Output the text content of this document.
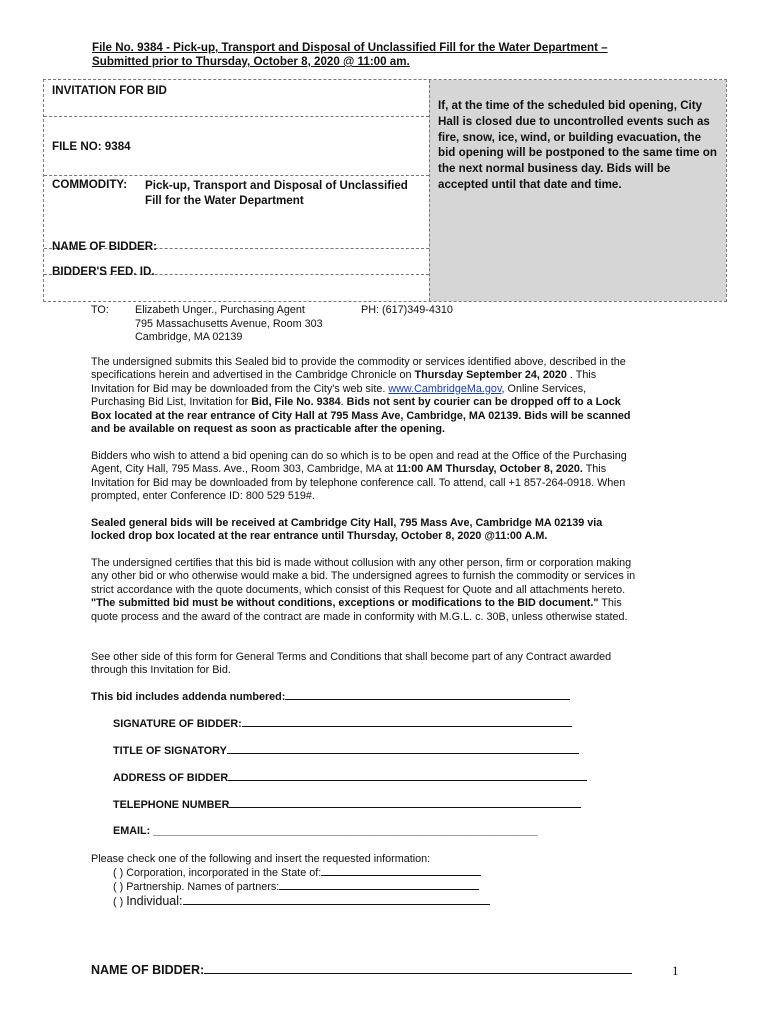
File No. 9384 - Pick-up, Transport and Disposal of Unclassified Fill for the Water Department –
Submitted prior to Thursday, October 8, 2020 @ 11:00 am.
INVITATION FOR BID
FILE NO: 9384
COMMODITY: Pick-up, Transport and Disposal of Unclassified Fill for the Water Department
NAME OF BIDDER:
BIDDER'S FED. ID.
If, at the time of the scheduled bid opening, City Hall is closed due to uncontrolled events such as fire, snow, ice, wind, or building evacuation, the bid opening will be postponed to the same time on the next normal business day. Bids will be accepted until that date and time.
TO: Elizabeth Unger., Purchasing Agent
795 Massachusetts Avenue, Room 303
Cambridge, MA 02139
PH: (617)349-4310
The undersigned submits this Sealed bid to provide the commodity or services identified above, described in the specifications herein and advertised in the Cambridge Chronicle on Thursday September 24, 2020 . This Invitation for Bid may be downloaded from the City's web site. www.CambridgeMa.gov, Online Services, Purchasing Bid List, Invitation for Bid, File No. 9384. Bids not sent by courier can be dropped off to a Lock Box located at the rear entrance of City Hall at 795 Mass Ave, Cambridge, MA 02139. Bids will be scanned and be available on request as soon as practicable after the opening.
Bidders who wish to attend a bid opening can do so which is to be open and read at the Office of the Purchasing Agent, City Hall, 795 Mass. Ave., Room 303, Cambridge, MA at 11:00 AM Thursday, October 8, 2020. This Invitation for Bid may be downloaded from by telephone conference call. To attend, call +1 857-264-0918. When prompted, enter Conference ID: 800 529 519#.
Sealed general bids will be received at Cambridge City Hall, 795 Mass Ave, Cambridge MA 02139 via locked drop box located at the rear entrance until Thursday, October 8, 2020 @11:00 A.M.
The undersigned certifies that this bid is made without collusion with any other person, firm or corporation making any other bid or who otherwise would make a bid. The undersigned agrees to furnish the commodity or services in strict accordance with the quote documents, which consist of this Request for Quote and all attachments hereto. "The submitted bid must be without conditions, exceptions or modifications to the BID document." This quote process and the award of the contract are made in conformity with M.G.L. c. 30B, unless otherwise stated.
See other side of this form for General Terms and Conditions that shall become part of any Contract awarded through this Invitation for Bid.
This bid includes addenda numbered:
SIGNATURE OF BIDDER:
TITLE OF SIGNATORY
ADDRESS OF BIDDER
TELEPHONE NUMBER
EMAIL: ________________________________________________________________
Please check one of the following and insert the requested information:
( ) Corporation, incorporated in the State of:
( ) Partnership. Names of partners:
( ) Individual:
NAME OF BIDDER:	1
